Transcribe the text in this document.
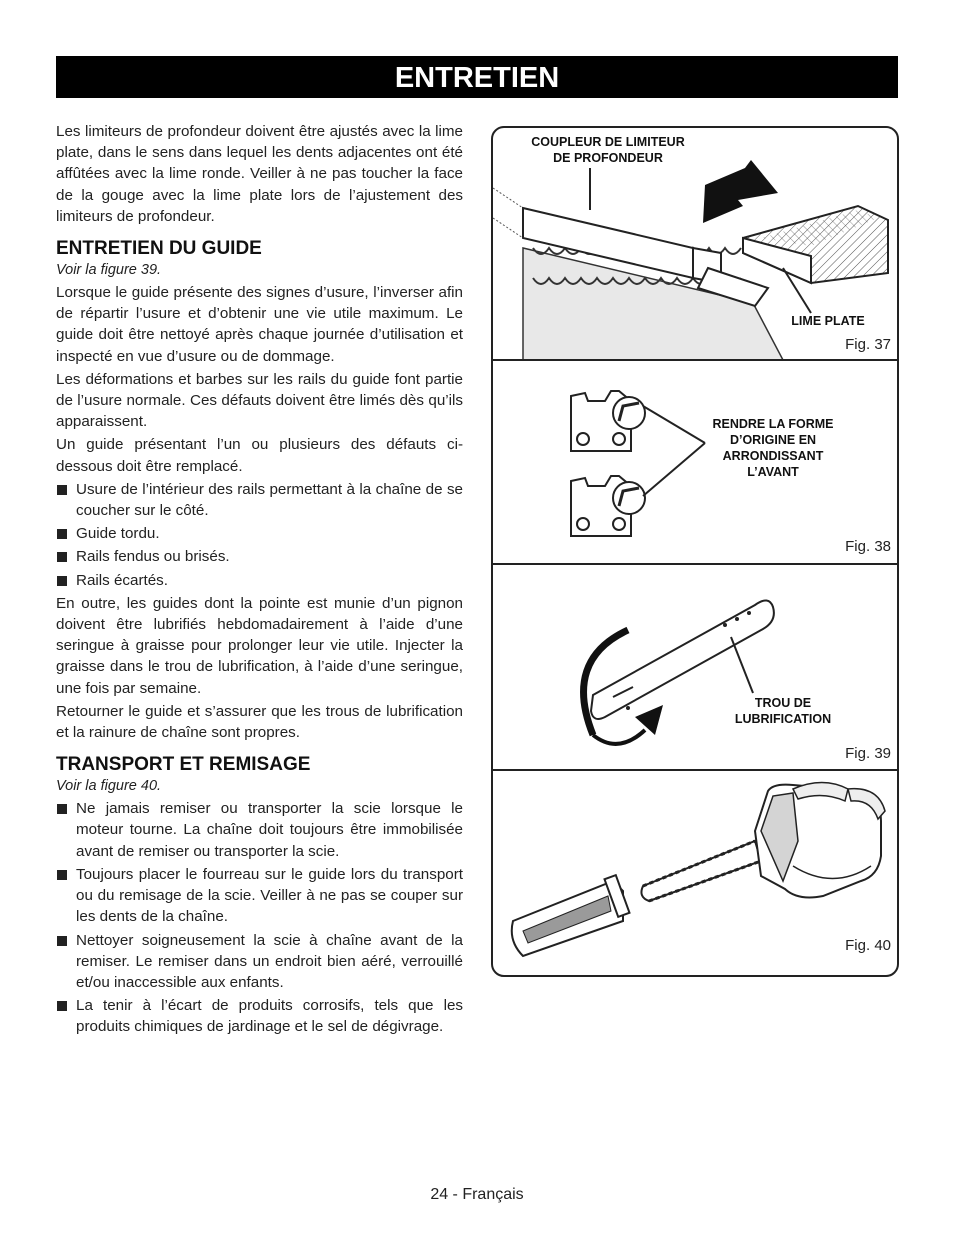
ENTRETIEN

Les limiteurs de profondeur doivent être ajustés avec la lime plate, dans le sens dans lequel les dents adjacentes ont été affûtées avec la lime ronde. Veiller à ne pas toucher la face de la gouge avec la lime plate lors de l’ajustement des limiteurs de profondeur.

ENTRETIEN DU GUIDE
Voir la figure 39.

Lorsque le guide présente des signes d’usure, l’inverser afin de répartir l’usure et d’obtenir une vie utile maximum. Le guide doit être nettoyé après chaque journée d’utilisation et inspecté en vue d’usure ou de dommage.

Les déformations et barbes sur les rails du guide font partie de l’usure normale. Ces défauts doivent être limés dès qu’ils apparaissent.

Un guide présentant l’un ou plusieurs des défauts ci-dessous doit être remplacé.

Usure de l’intérieur des rails permettant à la chaîne de se coucher sur le côté.
Guide tordu.
Rails fendus ou brisés.
Rails écartés.

En outre, les guides dont la pointe est munie d’un pignon doivent être lubrifiés hebdomadairement à l’aide d’une seringue à graisse pour prolonger leur vie utile. Injecter la graisse dans le trou de lubrification, à l’aide d’une seringue, une fois par semaine.

Retourner le guide et s’assurer que les trous de lubrification et la rainure de chaîne sont propres.

TRANSPORT ET REMISAGE
Voir la figure 40.
Ne jamais remiser ou transporter la scie lorsque le moteur tourne. La chaîne doit toujours être immobilisée avant de remiser ou transporter la scie.
Toujours placer le fourreau sur le guide lors du transport ou du remisage de la scie. Veiller à ne pas se couper sur les dents de la chaîne.
Nettoyer soigneusement la scie à chaîne avant de la remiser. Le remiser dans un endroit bien aéré, verrouillé et/ou inaccessible aux enfants.
La tenir à l’écart de produits corrosifs, tels que les produits chimiques de jardinage et le sel de dégivrage.
COUPLEUR DE LIMITEUR DE PROFONDEUR
LIME PLATE
Fig. 37
RENDRE LA FORME D’ORIGINE EN ARRONDISSANT L’AVANT
Fig. 38
TROU DE LUBRIFICATION
Fig. 39
Fig. 40
24 - Français
